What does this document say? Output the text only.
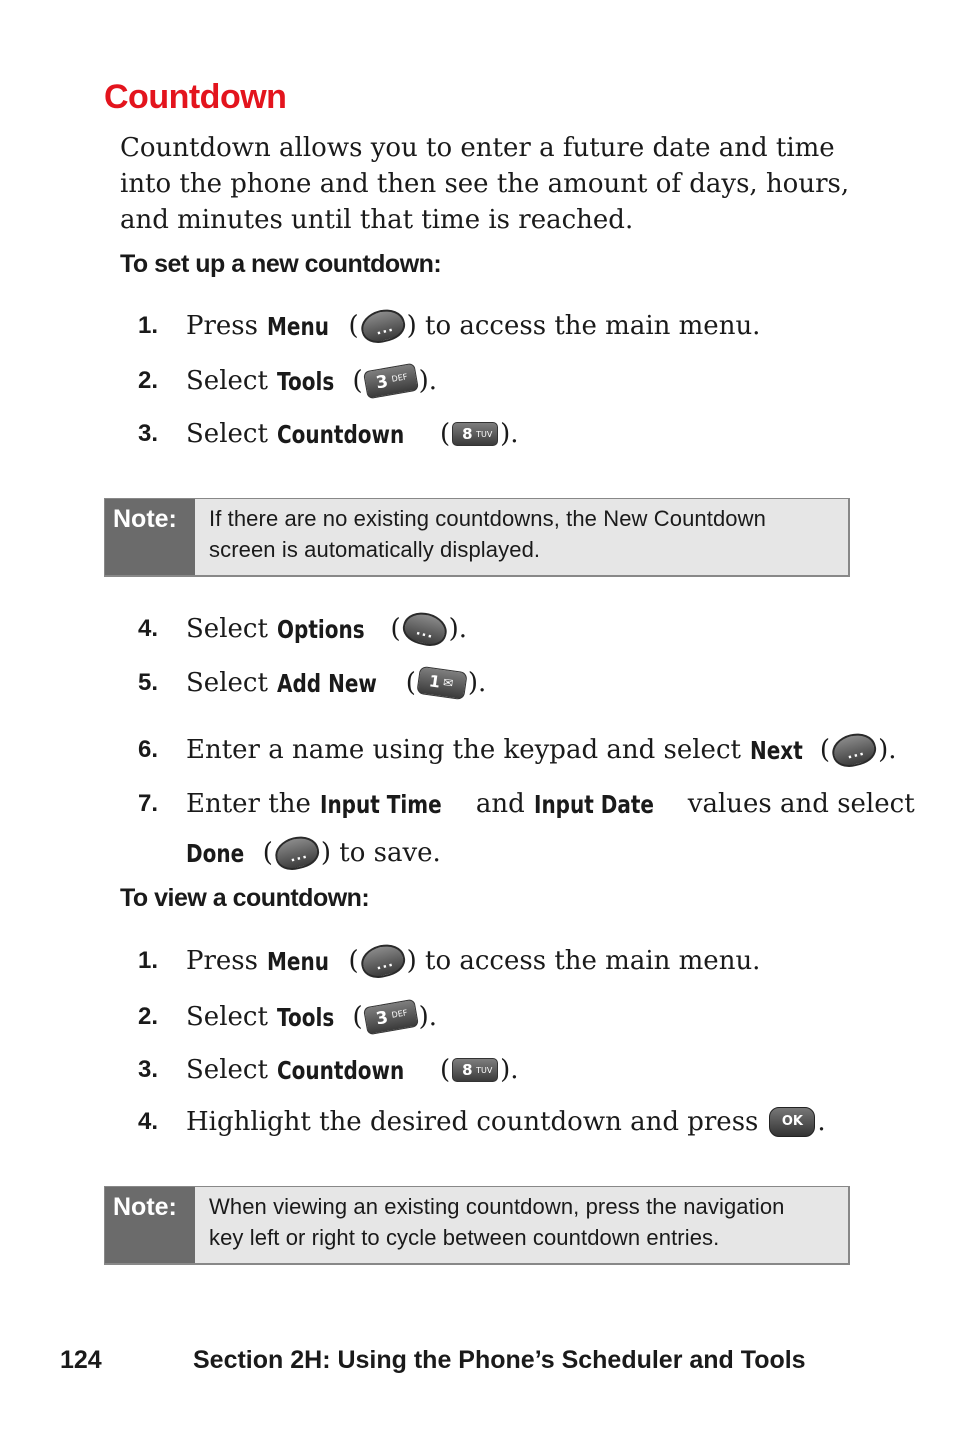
Countdown

Countdown allows you to enter a future date and time into the phone and then see the amount of days, hours, and minutes until that time is reached.

To set up a new countdown:
1.	Press Menu ( ... ) to access the main menu.
2.	Select Tools ( 3 DEF ).
3.	Select Countdown ( 8 TUV ).
Note:	If there are no existing countdowns, the New Countdown
screen is automatically displayed.
4.	Select Options ( ... ).
5.	Select Add New ( 1 ✉ ).
6.	Enter a name using the keypad and select Next ( ... ).
7.	Enter the Input Time and Input Date values and select
Done ( ... ) to save.
To view a countdown:
1.	Press Menu ( ... ) to access the main menu.
2.	Select Tools ( 3 DEF ).
3.	Select Countdown ( 8 TUV ).
4.	Highlight the desired countdown and press	OK .
Note:	When viewing an existing countdown, press the navigation
key left or right to cycle between countdown entries.
124	Section 2H: Using the Phone’s Scheduler and Tools
